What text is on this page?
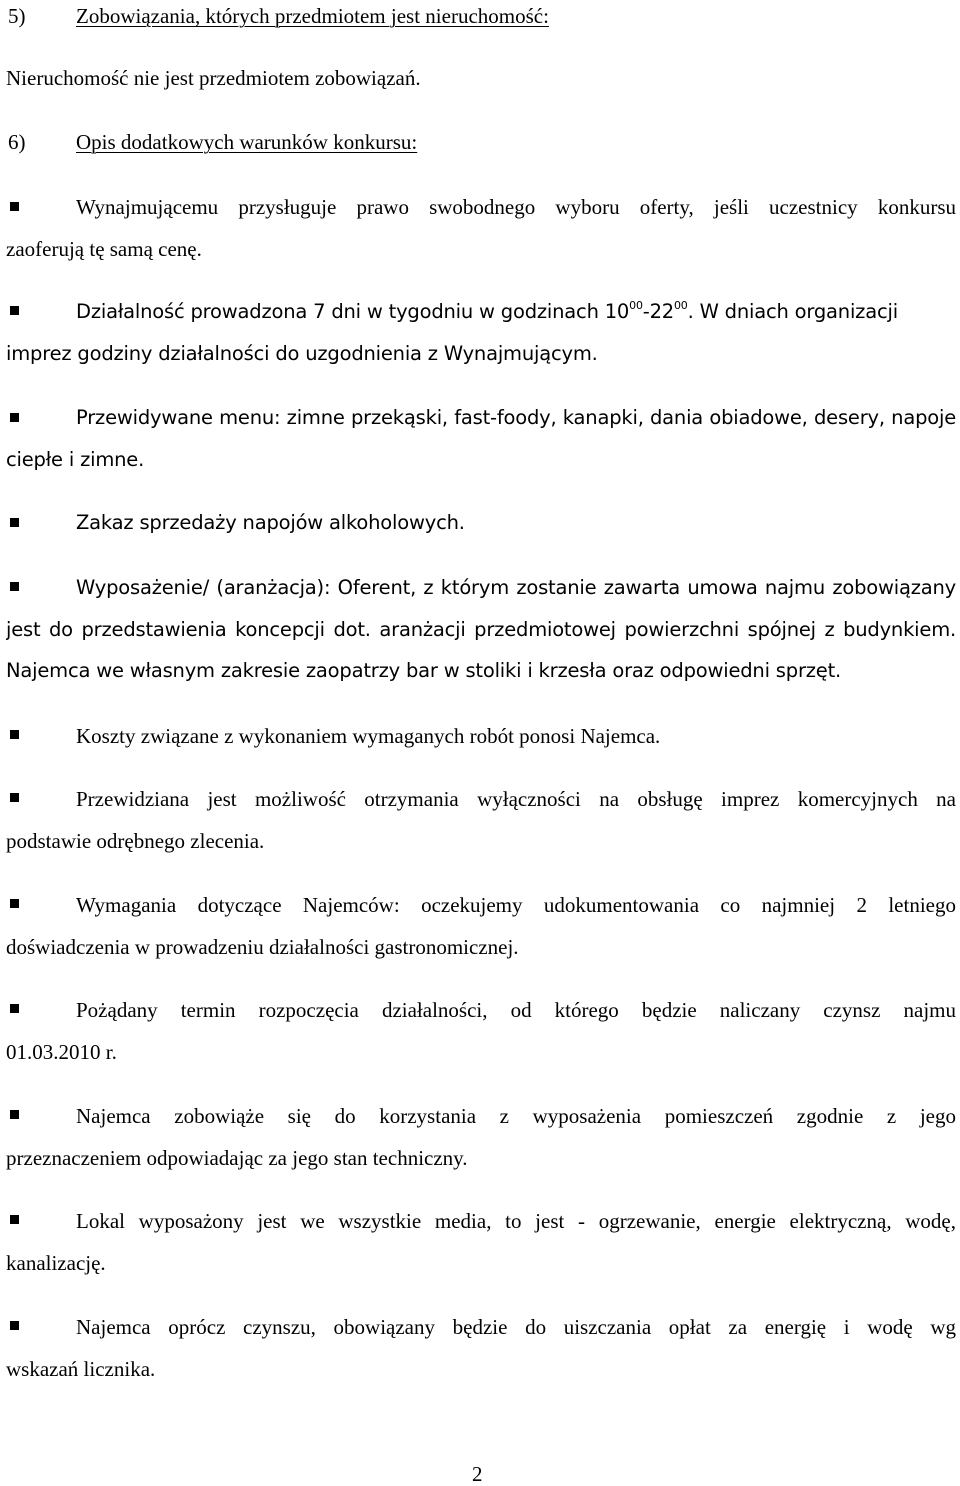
5) Zobowiązania, których przedmiotem jest nieruchomość:
Nieruchomość nie jest przedmiotem zobowiązań.
6) Opis dodatkowych warunków konkursu:
Wynajmującemu przysługuje prawo swobodnego wyboru oferty, jeśli uczestnicy konkursu
zaoferują tę samą cenę.
Działalność prowadzona 7 dni w tygodniu w godzinach $10^{00}-22^{00}$. W dniach organizacji
imprez godziny działalności do uzgodnienia z Wynajmującym.
Przewidywane menu: zimne przekąski, fast-foody, kanapki, dania obiadowe, desery, napoje
ciepłe i zimne.
Zakaz sprzedaży napojów alkoholowych.
Wyposażenie/ (aranżacja): Oferent, z którym zostanie zawarta umowa najmu zobowiązany
jest do przedstawienia koncepcji dot. aranżacji przedmiotowej powierzchni spójnej z budynkiem.
Najemca we własnym zakresie zaopatrzy bar w stoliki i krzesła oraz odpowiedni sprzęt.
Koszty związane z wykonaniem wymaganych robót ponosi Najemca.
Przewidziana jest możliwość otrzymania wyłączności na obsługę imprez komercyjnych na
podstawie odrębnego zlecenia.
Wymagania dotyczące Najemców: oczekujemy udokumentowania co najmniej 2 letniego
doświadczenia w prowadzeniu działalności gastronomicznej.
Pożądany termin rozpoczęcia działalności, od którego będzie naliczany czynsz najmu
01.03.2010 r.
Najemca zobowiąże się do korzystania z wyposażenia pomieszczeń zgodnie z jego
przeznaczeniem odpowiadając za jego stan techniczny.
Lokal wyposażony jest we wszystkie media, to jest - ogrzewanie, energie elektryczną, wodę,
kanalizację.
Najemca oprócz czynszu, obowiązany będzie do uiszczania opłat za energię i wodę wg
wskazań licznika.
2
